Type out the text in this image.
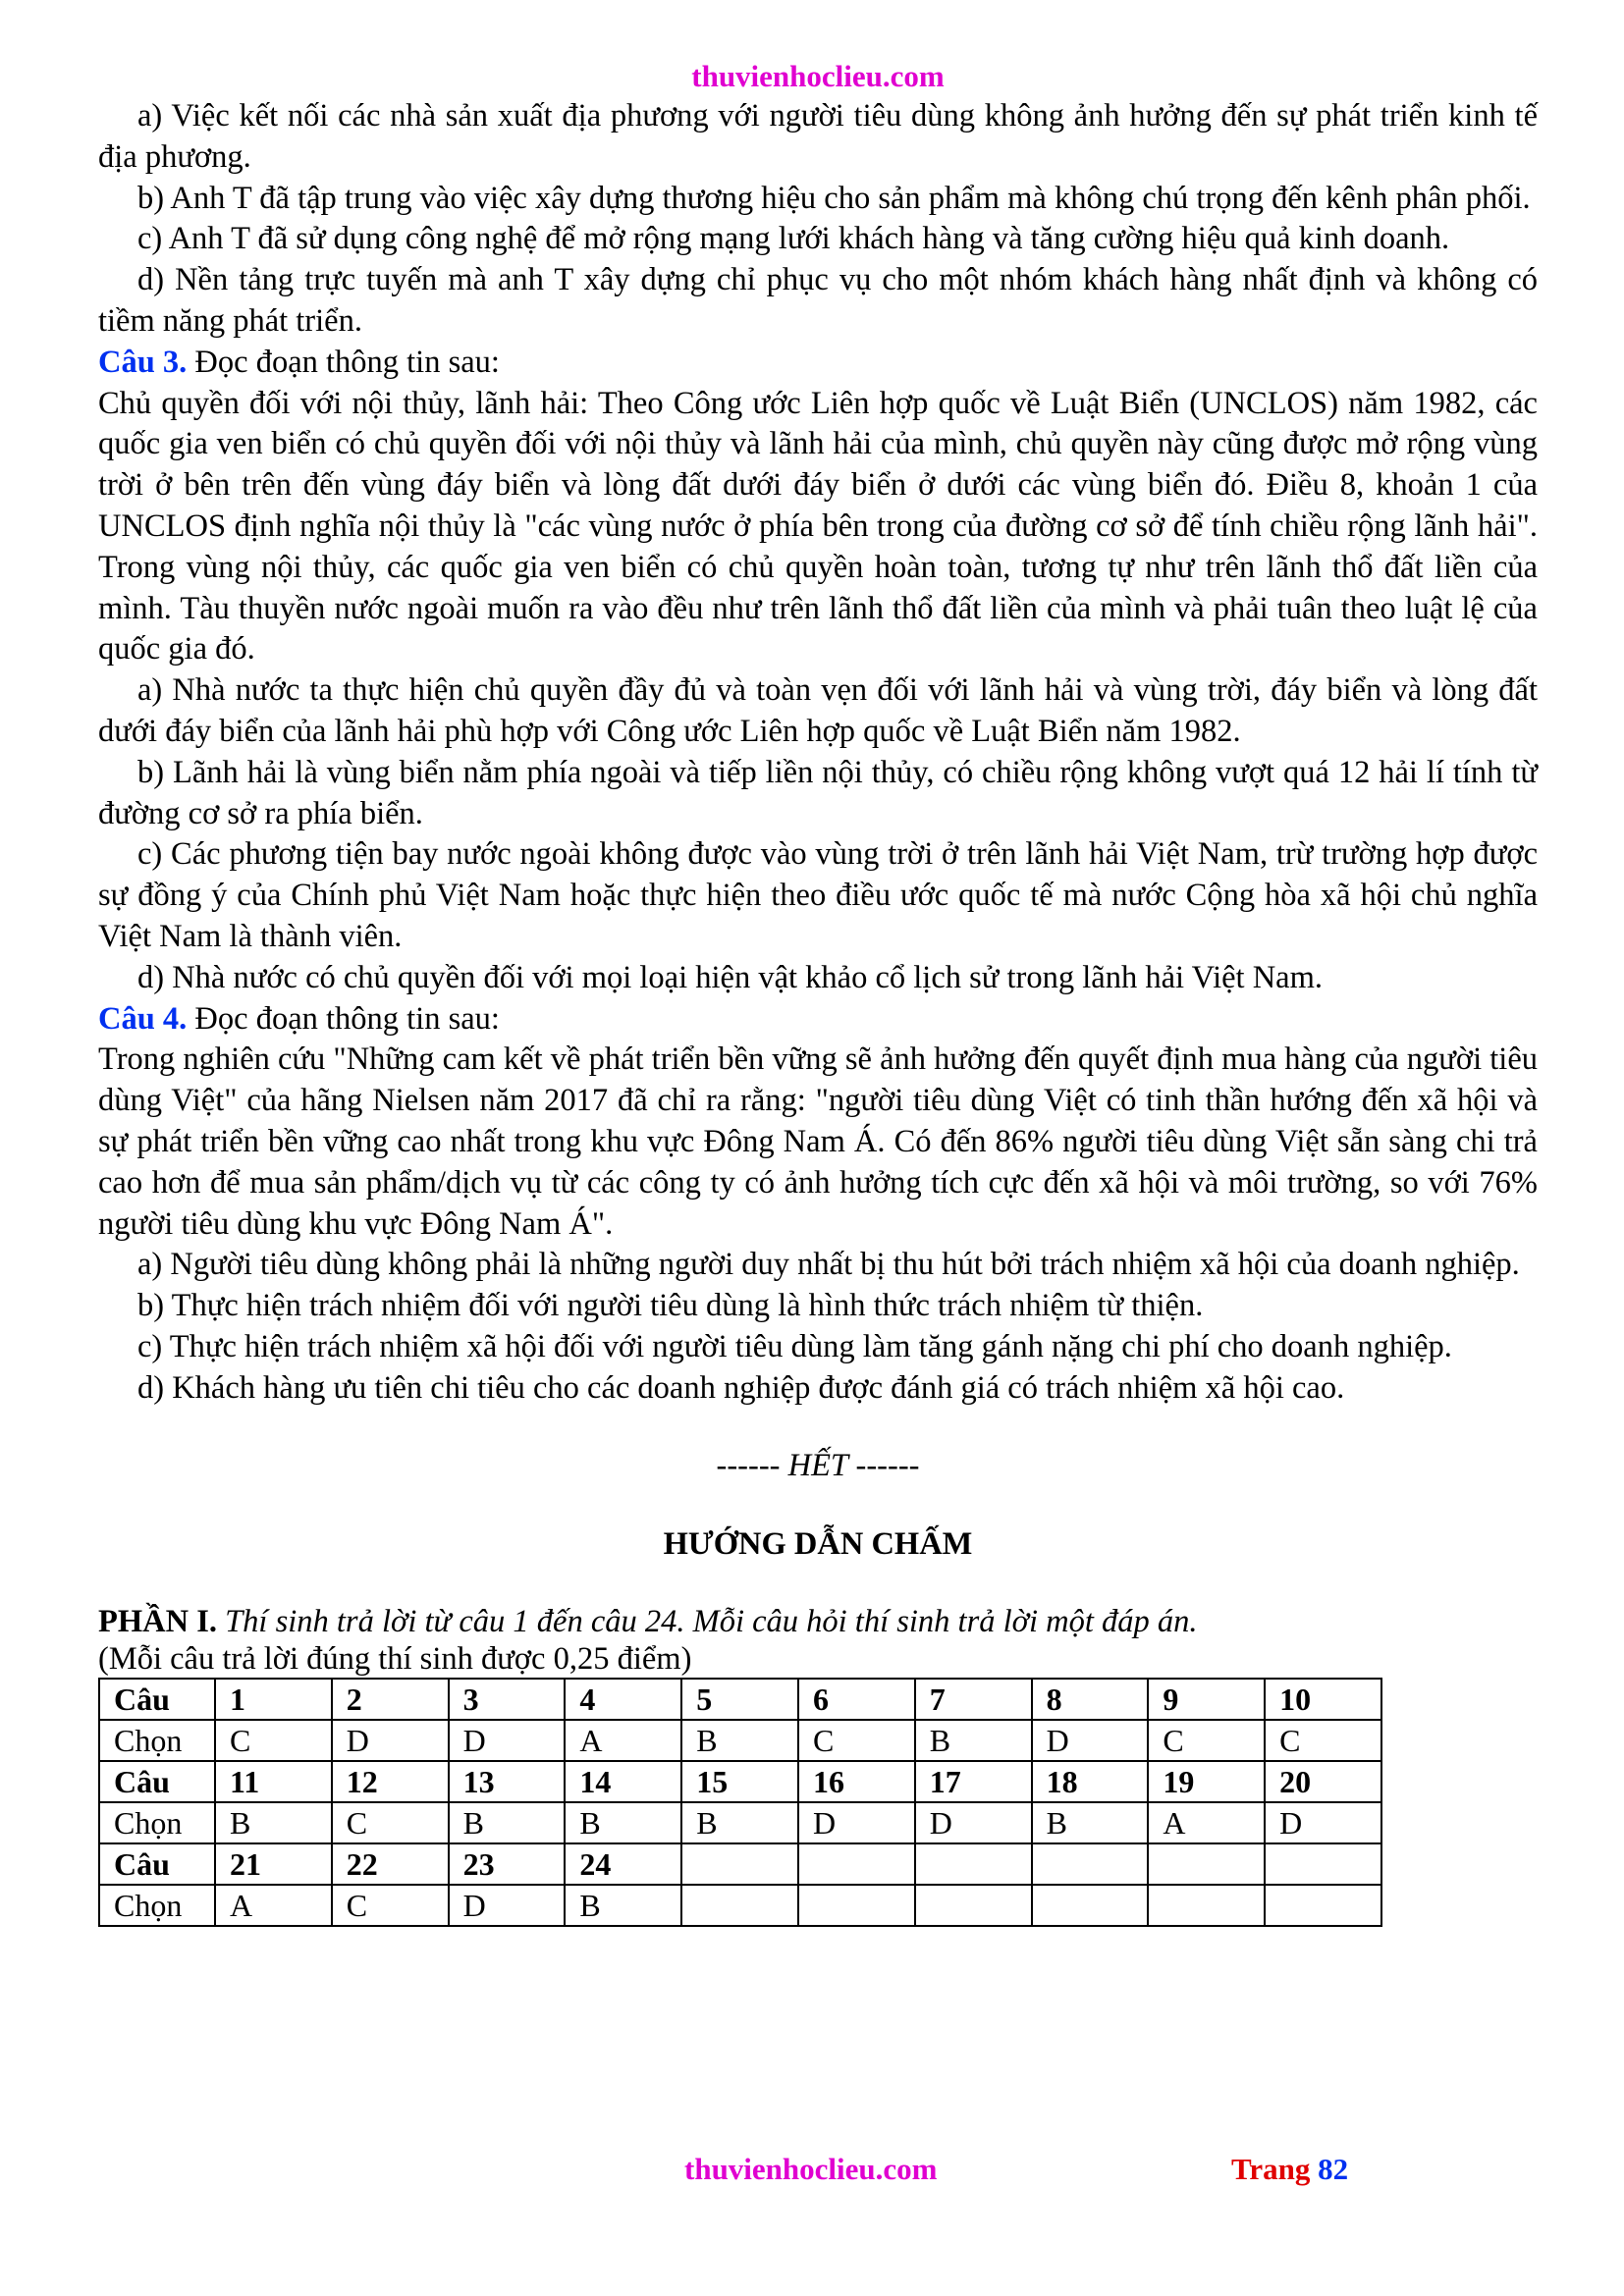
thuvienhoclieu.com

a) Việc kết nối các nhà sản xuất địa phương với người tiêu dùng không ảnh hưởng đến sự phát triển kinh tế địa phương.

b) Anh T đã tập trung vào việc xây dựng thương hiệu cho sản phẩm mà không chú trọng đến kênh phân phối.

c) Anh T đã sử dụng công nghệ để mở rộng mạng lưới khách hàng và tăng cường hiệu quả kinh doanh.

d) Nền tảng trực tuyến mà anh T xây dựng chỉ phục vụ cho một nhóm khách hàng nhất định và không có tiềm năng phát triển.

Câu 3. Đọc đoạn thông tin sau:

Chủ quyền đối với nội thủy, lãnh hải: Theo Công ước Liên hợp quốc về Luật Biển (UNCLOS) năm 1982, các quốc gia ven biển có chủ quyền đối với nội thủy và lãnh hải của mình, chủ quyền này cũng được mở rộng vùng trời ở bên trên đến vùng đáy biển và lòng đất dưới đáy biển ở dưới các vùng biển đó. Điều 8, khoản 1 của UNCLOS định nghĩa nội thủy là "các vùng nước ở phía bên trong của đường cơ sở để tính chiều rộng lãnh hải". Trong vùng nội thủy, các quốc gia ven biển có chủ quyền hoàn toàn, tương tự như trên lãnh thổ đất liền của mình. Tàu thuyền nước ngoài muốn ra vào đều như trên lãnh thổ đất liền của mình và phải tuân theo luật lệ của quốc gia đó.

a) Nhà nước ta thực hiện chủ quyền đầy đủ và toàn vẹn đối với lãnh hải và vùng trời, đáy biển và lòng đất dưới đáy biển của lãnh hải phù hợp với Công ước Liên hợp quốc về Luật Biển năm 1982.

b) Lãnh hải là vùng biển nằm phía ngoài và tiếp liền nội thủy, có chiều rộng không vượt quá 12 hải lí tính từ đường cơ sở ra phía biển.

c) Các phương tiện bay nước ngoài không được vào vùng trời ở trên lãnh hải Việt Nam, trừ trường hợp được sự đồng ý của Chính phủ Việt Nam hoặc thực hiện theo điều ước quốc tế mà nước Cộng hòa xã hội chủ nghĩa Việt Nam là thành viên.

d) Nhà nước có chủ quyền đối với mọi loại hiện vật khảo cổ lịch sử trong lãnh hải Việt Nam.

Câu 4. Đọc đoạn thông tin sau:

Trong nghiên cứu "Những cam kết về phát triển bền vững sẽ ảnh hưởng đến quyết định mua hàng của người tiêu dùng Việt" của hãng Nielsen năm 2017 đã chỉ ra rằng: "người tiêu dùng Việt có tinh thần hướng đến xã hội và sự phát triển bền vững cao nhất trong khu vực Đông Nam Á. Có đến 86% người tiêu dùng Việt sẵn sàng chi trả cao hơn để mua sản phẩm/dịch vụ từ các công ty có ảnh hưởng tích cực đến xã hội và môi trường, so với 76% người tiêu dùng khu vực Đông Nam Á".

a) Người tiêu dùng không phải là những người duy nhất bị thu hút bởi trách nhiệm xã hội của doanh nghiệp.

b) Thực hiện trách nhiệm đối với người tiêu dùng là hình thức trách nhiệm từ thiện.

c) Thực hiện trách nhiệm xã hội đối với người tiêu dùng làm tăng gánh nặng chi phí cho doanh nghiệp.

d) Khách hàng ưu tiên chi tiêu cho các doanh nghiệp được đánh giá có trách nhiệm xã hội cao.

------ HẾT ------
HƯỚNG DẪN CHẤM

PHẦN I. Thí sinh trả lời từ câu 1 đến câu 24. Mỗi câu hỏi thí sinh trả lời một đáp án.

(Mỗi câu trả lời đúng thí sinh được 0,25 điểm)

Câu	1	2	3	4	5	6	7	8	9	10
Chọn	C	D	D	A	B	C	B	D	C	C
Câu	11	12	13	14	15	16	17	18	19	20
Chọn	B	C	B	B	B	D	D	B	A	D
Câu	21	22	23	24						
Chọn	A	C	D	B						
thuvienhoclieu.com	Trang 82
